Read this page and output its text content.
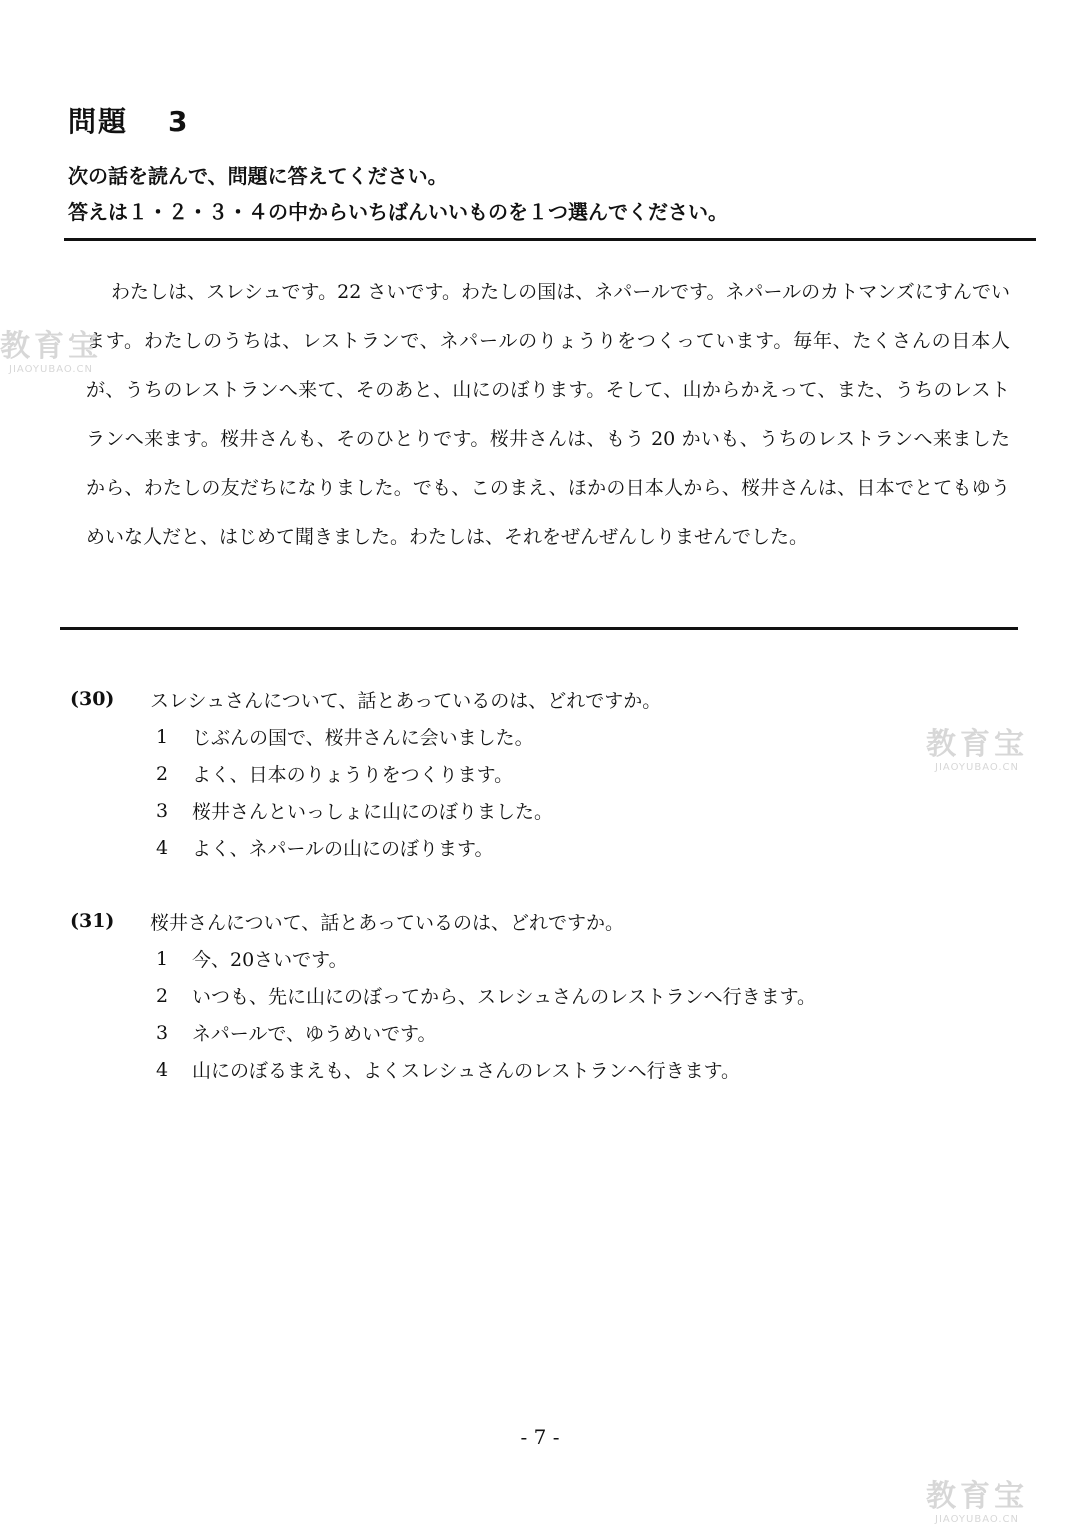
問題 3
次の話を読んで、問題に答えてください。
答えは１・２・３・４の中からいちばんいいものを１つ選んでください。
わたしは、スレシュです。22 さいです。わたしの国は、ネパールです。ネパールのカトマンズにすんでいます。わたしのうちは、レストランで、ネパールのりょうりをつくっています。毎年、たくさんの日本人が、うちのレストランへ来て、そのあと、山にのぼります。そして、山からかえって、また、うちのレストランへ来ます。桜井さんも、そのひとりです。桜井さんは、もう 20 かいも、うちのレストランへ来ましたから、わたしの友だちになりました。でも、このまえ、ほかの日本人から、桜井さんは、日本でとてもゆうめいな人だと、はじめて聞きました。わたしは、それをぜんぜんしりませんでした。
(30)	スレシュさんについて、話とあっているのは、どれですか。
1	じぶんの国で、桜井さんに会いました。
2	よく、日本のりょうりをつくります。
3	桜井さんといっしょに山にのぼりました。
4	よく、ネパールの山にのぼります。
(31)	桜井さんについて、話とあっているのは、どれですか。
1	今、20さいです。
2	いつも、先に山にのぼってから、スレシュさんのレストランへ行きます。
3	ネパールで、ゆうめいです。
4	山にのぼるまえも、よくスレシュさんのレストランへ行きます。
- 7 -
教育宝
JIAOYUBAO.CN
教育宝
JIAOYUBAO.CN
教育宝
JIAOYUBAO.CN
